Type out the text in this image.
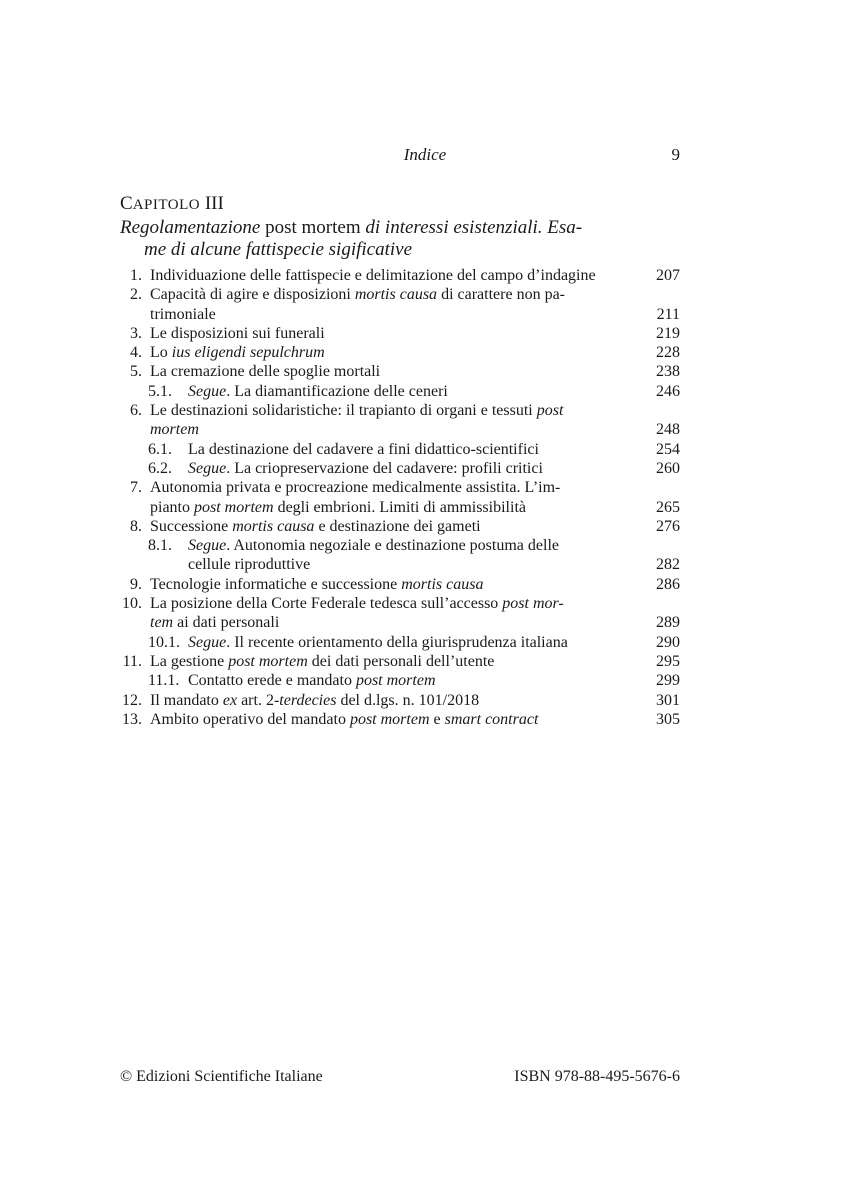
Indice	9
CAPITOLO III
Regolamentazione post mortem di interessi esistenziali. Esa-
me di alcune fattispecie sigificative
1. Individuazione delle fattispecie e delimitazione del campo d’indagine	207
2. Capacità di agire e disposizioni mortis causa di carattere non pa-
trimoniale	211
3. Le disposizioni sui funerali	219
4. Lo ius eligendi sepulchrum	228
5. La cremazione delle spoglie mortali	238
5.1. Segue. La diamantificazione delle ceneri	246
6. Le destinazioni solidaristiche: il trapianto di organi e tessuti post
mortem	248
6.1. La destinazione del cadavere a fini didattico-scientifici	254
6.2. Segue. La criopreservazione del cadavere: profili critici	260
7. Autonomia privata e procreazione medicalmente assistita. L’im-
pianto post mortem degli embrioni. Limiti di ammissibilità	265
8. Successione mortis causa e destinazione dei gameti	276
8.1. Segue. Autonomia negoziale e destinazione postuma delle
cellule riproduttive	282
9. Tecnologie informatiche e successione mortis causa	286
10. La posizione della Corte Federale tedesca sull’accesso post mor-
tem ai dati personali	289
10.1. Segue. Il recente orientamento della giurisprudenza italiana	290
11. La gestione post mortem dei dati personali dell’utente	295
11.1. Contatto erede e mandato post mortem	299
12. Il mandato ex art. 2-terdecies del d.lgs. n. 101/2018	301
13. Ambito operativo del mandato post mortem e smart contract	305
© Edizioni Scientifiche Italiane	ISBN 978-88-495-5676-6
